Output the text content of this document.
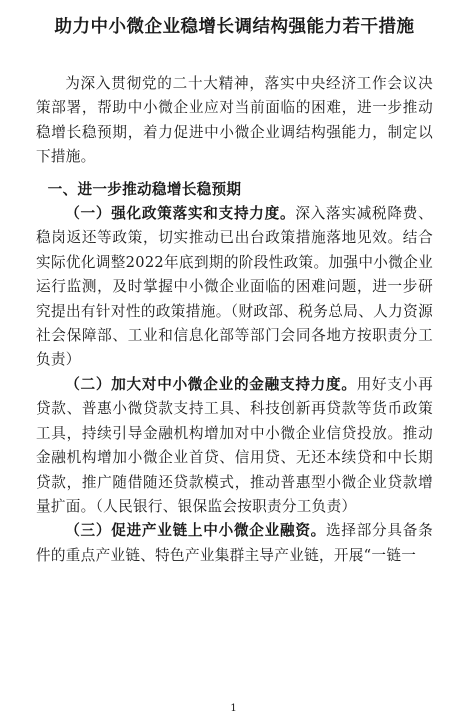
助力中小微企业稳增长调结构强能力若干措施

为深入贯彻党的二十大精神，落实中央经济工作会议决策部署，帮助中小微企业应对当前面临的困难，进一步推动稳增长稳预期，着力促进中小微企业调结构强能力，制定以下措施。

一、进一步推动稳增长稳预期

（一）强化政策落实和支持力度。深入落实减税降费、稳岗返还等政策，切实推动已出台政策措施落地见效。结合实际优化调整2022年底到期的阶段性政策。加强中小微企业运行监测，及时掌握中小微企业面临的困难问题，进一步研究提出有针对性的政策措施。（财政部、税务总局、人力资源社会保障部、工业和信息化部等部门会同各地方按职责分工负责）

（二）加大对中小微企业的金融支持力度。用好支小再贷款、普惠小微贷款支持工具、科技创新再贷款等货币政策工具，持续引导金融机构增加对中小微企业信贷投放。推动金融机构增加小微企业首贷、信用贷、无还本续贷和中长期贷款，推广随借随还贷款模式，推动普惠型小微企业贷款增量扩面。（人民银行、银保监会按职责分工负责）

（三）促进产业链上中小微企业融资。选择部分具备条件的重点产业链、特色产业集群主导产业链，开展“一链一

1
